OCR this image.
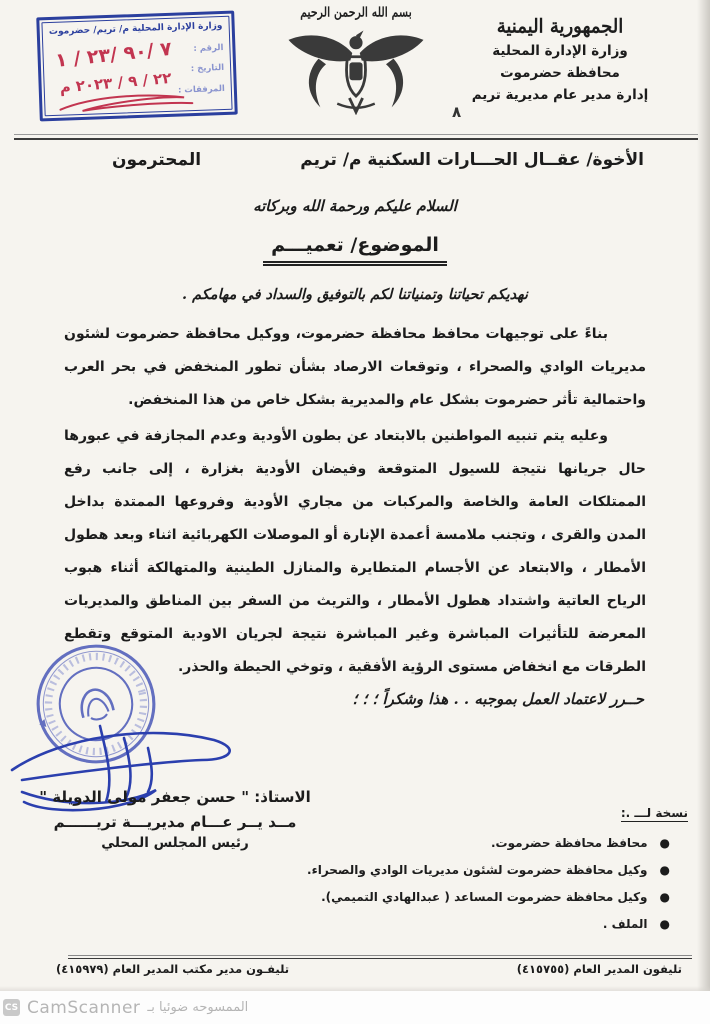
وزارة الإدارة المحلية م/ تريم/ حضرموت
الرقم :
التاريخ :
المرفقات :
٧ /٩٠ /٢٣ / ١
٢٢ / ٩ / ٢٠٢٣ م
بسم الله الرحمن الرحيم
الجمهورية اليمنية
وزارة الإدارة المحلية
محافظة حضرموت
إدارة مدير عام مديرية تريم
٨
الأخوة/ عقــال الحـــارات السكنية م/ تريم
المحترمون
السلام عليكم ورحمة الله وبركاته
الموضوع/ تعميـــم
نهديكم تحياتنا وتمنياتنا لكم بالتوفيق والسداد في مهامكم .

بناءً على توجيهات محافظ محافظة حضرموت، ووكيل محافظة حضرموت لشئون مديريات الوادي والصحراء ، وتوقعات الارصاد بشأن تطور المنخفض في بحر العرب واحتمالية تأثر حضرموت بشكل عام والمديرية بشكل خاص من هذا المنخفض.

وعليه يتم تنبيه المواطنين بالابتعاد عن بطون الأودية وعدم المجازفة في عبورها حال جريانها نتيجة للسيول المتوقعة وفيضان الأودية بغزارة ، إلى جانب رفع الممتلكات العامة والخاصة والمركبات من مجاري الأودية وفروعها الممتدة بداخل المدن والقرى ، وتجنب ملامسة أعمدة الإنارة أو الموصلات الكهربائية اثناء وبعد هطول الأمطار ، والابتعاد عن الأجسام المتطايرة والمنازل الطينية والمتهالكة أثناء هبوب الرياح العاتية واشتداد هطول الأمطار ، والتريث من السفر بين المناطق والمديريات المعرضة للتأثيرات المباشرة وغير المباشرة نتيجة لجريان الاودية المتوقع وتقطع الطرقات مع انخفاض مستوى الرؤية الأفقية ، وتوخي الحيطة والحذر.

حــرر لاعتماد العمل بموجبه . . هذا وشكراً ؛ ؛ ؛
الاستاذ: " حسن جعفر مولى الدويلة "
مــد يــر عـــام مديريـــة تريــــــم
رئيس المجلس المحلي
نسخة لـــ .:
●
محافظ محافظة حضرموت.
●
وكيل محافظة حضرموت لشئون مديريات الوادي والصحراء.
●
وكيل محافظة حضرموت المساعد ( عبدالهادي التميمي).
●
الملف .
تليفون المدير العام (٤١٥٧٥٥)
تليفـون مدير مكتب المدير العام (٤١٥٩٧٩)
CS CamScanner الممسوحه ضوئيا بـ
